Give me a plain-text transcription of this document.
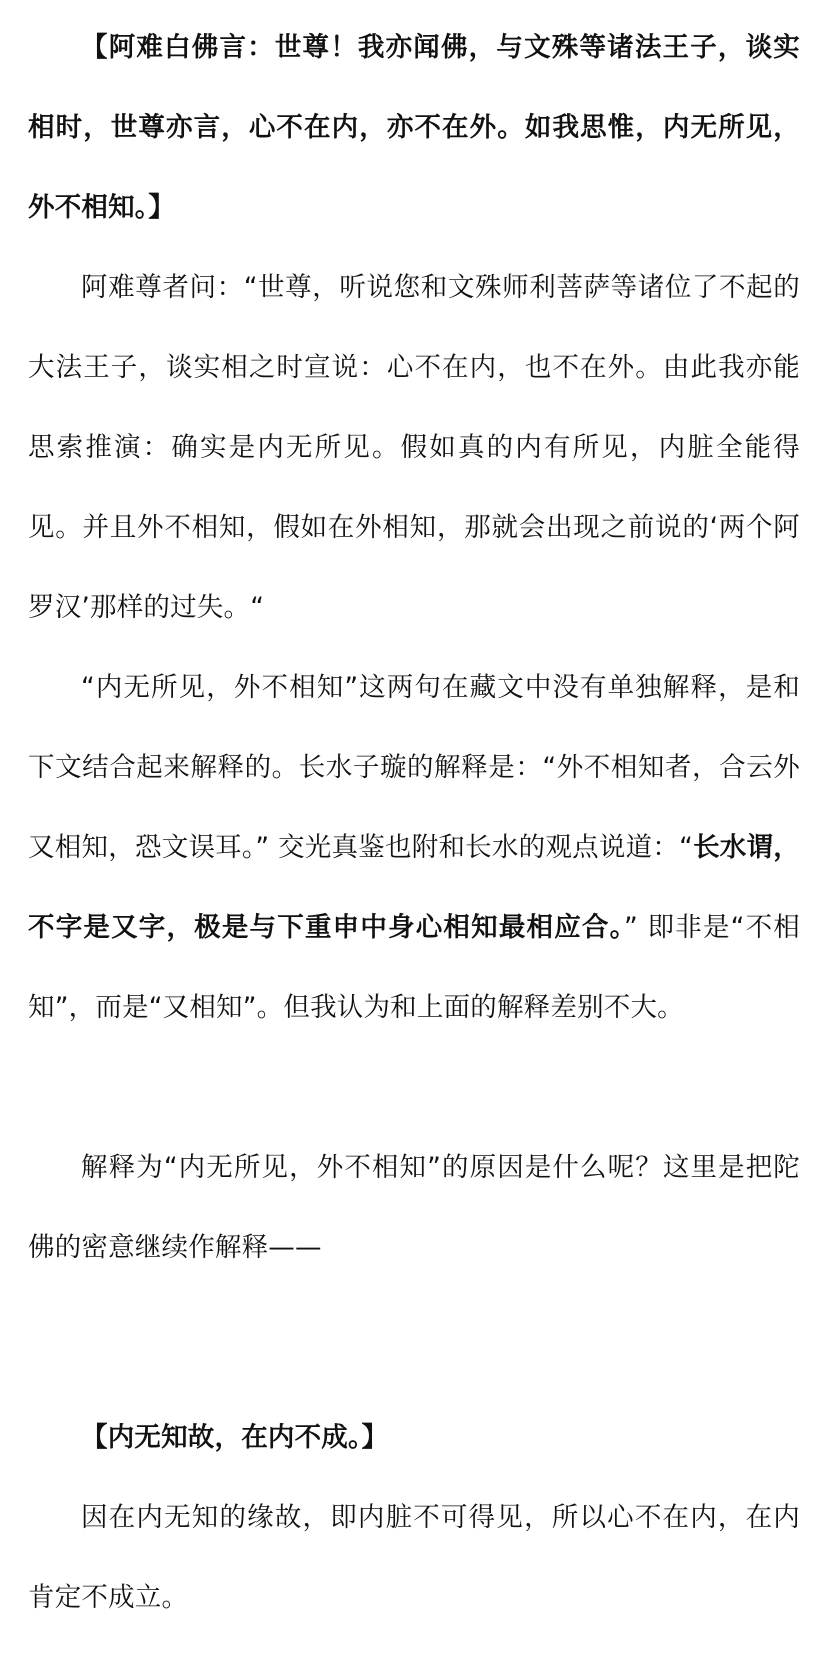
【阿难白佛言：世尊！我亦闻佛，与文殊等诸法王子，谈实相时，世尊亦言，心不在内，亦不在外。如我思惟，内无所见，外不相知。】

阿难尊者问：“世尊，听说您和文殊师利菩萨等诸位了不起的大法王子，谈实相之时宣说：心不在内，也不在外。由此我亦能思索推演：确实是内无所见。假如真的内有所见，内脏全能得见。并且外不相知，假如在外相知，那就会出现之前说的‘两个阿罗汉’那样的过失。“

“内无所见，外不相知”这两句在藏文中没有单独解释，是和下文结合起来解释的。长水子璇的解释是：“外不相知者，合云外又相知，恐文误耳。” 交光真鉴也附和长水的观点说道：“长水谓，不字是又字，极是与下重申中身心相知最相应合。” 即非是“不相知”，而是“又相知”。但我认为和上面的解释差别不大。

解释为“内无所见，外不相知”的原因是什么呢？这里是把陀佛的密意继续作解释——

【内无知故，在内不成。】

因在内无知的缘故，即内脏不可得见，所以心不在内，在内肯定不成立。
